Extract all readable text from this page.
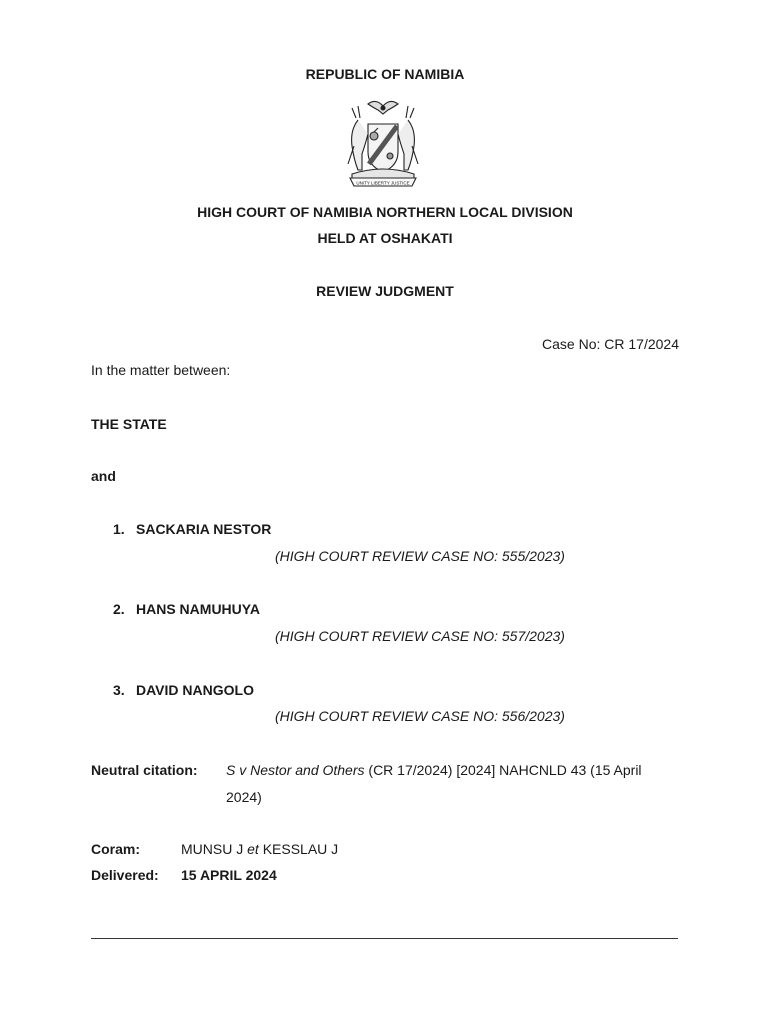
REPUBLIC OF NAMIBIA
UNITY LIBERTY JUSTICE
HIGH COURT OF NAMIBIA NORTHERN LOCAL DIVISION
HELD AT OSHAKATI
REVIEW JUDGMENT
Case No: CR 17/2024
In the matter between:
THE STATE
and
1. SACKARIA NESTOR
(HIGH COURT REVIEW CASE NO: 555/2023)
2. HANS NAMUHUYA
(HIGH COURT REVIEW CASE NO: 557/2023)
3. DAVID NANGOLO
(HIGH COURT REVIEW CASE NO: 556/2023)
Neutral citation: S v Nestor and Others (CR 17/2024) [2024] NAHCNLD 43 (15 April
2024)
Coram:	MUNSU J et KESSLAU J
Delivered: 15 APRIL 2024
